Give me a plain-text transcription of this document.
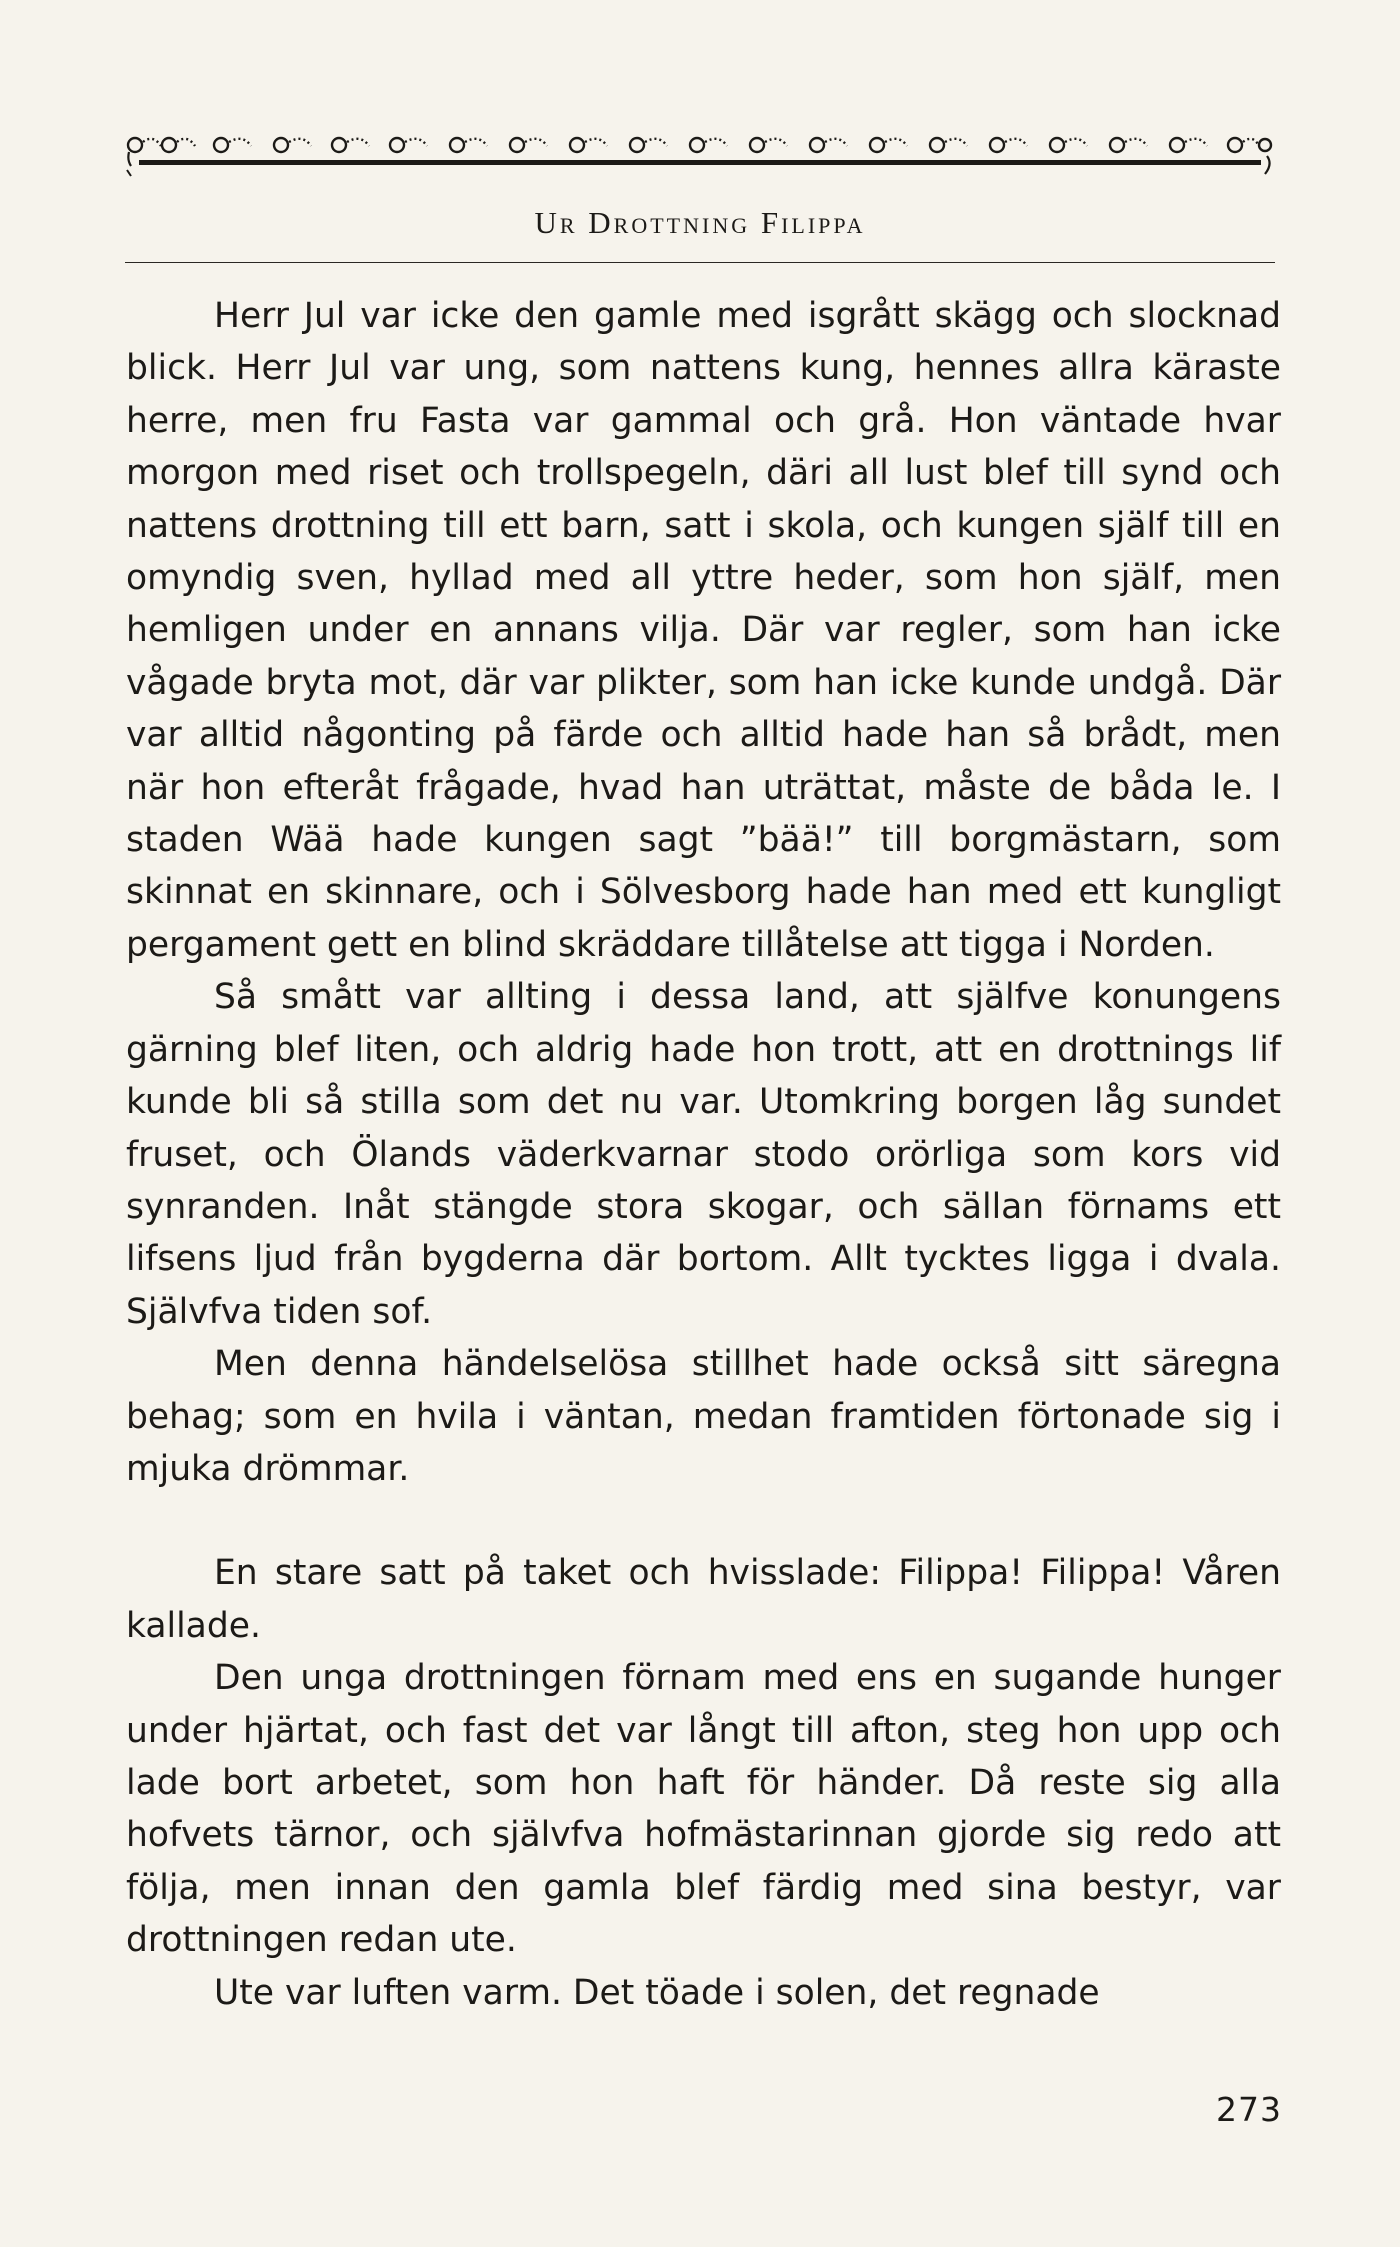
Ur Drottning Filippa

Herr Jul var icke den gamle med isgrått skägg och slocknad blick. Herr Jul var ung, som nattens kung, hennes allra käraste herre, men fru Fasta var gammal och grå. Hon väntade hvar morgon med riset och trollspegeln, däri all lust blef till synd och nattens drottning till ett barn, satt i skola, och kungen själf till en omyndig sven, hyllad med all yttre heder, som hon själf, men hemligen under en annans vilja. Där var regler, som han icke vågade bryta mot, där var plikter, som han icke kunde undgå. Där var alltid någonting på färde och alltid hade han så brådt, men när hon efteråt frågade, hvad han uträttat, måste de båda le. I staden Wää hade kungen sagt ”bää!” till borgmästarn, som skinnat en skinnare, och i Sölvesborg hade han med ett kungligt pergament gett en blind skräddare tillåtelse att tigga i Norden.

Så smått var allting i dessa land, att själfve konungens gärning blef liten, och aldrig hade hon trott, att en drottnings lif kunde bli så stilla som det nu var. Utomkring borgen låg sundet fruset, och Ölands väderkvarnar stodo orörliga som kors vid synranden. Inåt stängde stora skogar, och sällan förnams ett lifsens ljud från bygderna där bortom. Allt tycktes ligga i dvala. Självfva tiden sof.

Men denna händelselösa stillhet hade också sitt säregna behag; som en hvila i väntan, medan framtiden förtonade sig i mjuka drömmar.

En stare satt på taket och hvisslade: Filippa! Filippa! Våren kallade.

Den unga drottningen förnam med ens en sugande hunger under hjärtat, och fast det var långt till afton, steg hon upp och lade bort arbetet, som hon haft för händer. Då reste sig alla hofvets tärnor, och självfva hofmästarinnan gjorde sig redo att följa, men innan den gamla blef färdig med sina bestyr, var drottningen redan ute.

Ute var luften varm. Det töade i solen, det regnade

273
